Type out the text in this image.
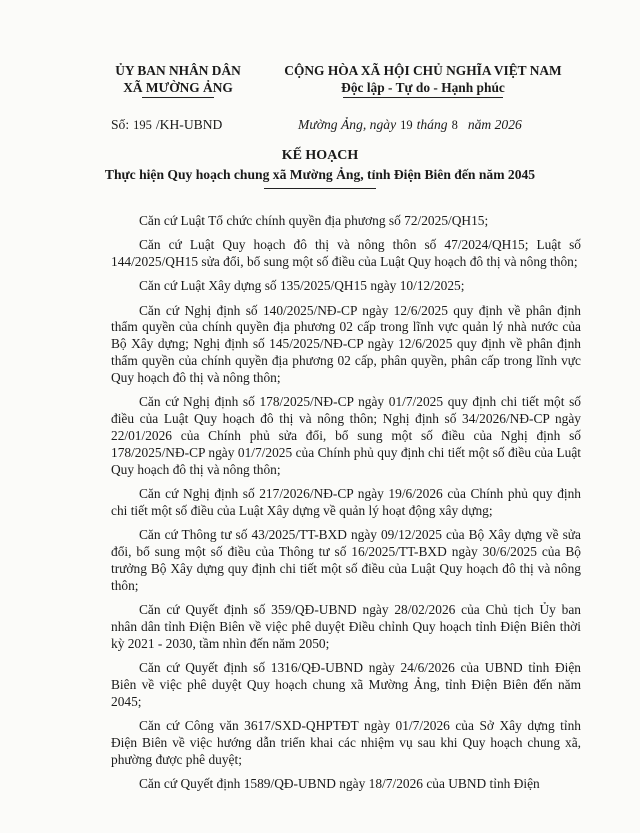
ỦY BAN NHÂN DÂN
XÃ MƯỜNG ẢNG
CỘNG HÒA XÃ HỘI CHỦ NGHĨA VIỆT NAM
Độc lập - Tự do - Hạnh phúc
Số: 195 /KH-UBND	Mường Ảng, ngày 19 tháng 8 năm 2026
KẾ HOẠCH
Thực hiện Quy hoạch chung xã Mường Ảng, tỉnh Điện Biên đến năm 2045

Căn cứ Luật Tổ chức chính quyền địa phương số 72/2025/QH15;

Căn cứ Luật Quy hoạch đô thị và nông thôn số 47/2024/QH15; Luật số 144/2025/QH15 sửa đổi, bổ sung một số điều của Luật Quy hoạch đô thị và nông thôn;

Căn cứ Luật Xây dựng số 135/2025/QH15 ngày 10/12/2025;

Căn cứ Nghị định số 140/2025/NĐ-CP ngày 12/6/2025 quy định về phân định thẩm quyền của chính quyền địa phương 02 cấp trong lĩnh vực quản lý nhà nước của Bộ Xây dựng; Nghị định số 145/2025/NĐ-CP ngày 12/6/2025 quy định về phân định thẩm quyền của chính quyền địa phương 02 cấp, phân quyền, phân cấp trong lĩnh vực Quy hoạch đô thị và nông thôn;

Căn cứ Nghị định số 178/2025/NĐ-CP ngày 01/7/2025 quy định chi tiết một số điều của Luật Quy hoạch đô thị và nông thôn; Nghị định số 34/2026/NĐ-CP ngày 22/01/2026 của Chính phủ sửa đổi, bổ sung một số điều của Nghị định số 178/2025/NĐ-CP ngày 01/7/2025 của Chính phủ quy định chi tiết một số điều của Luật Quy hoạch đô thị và nông thôn;

Căn cứ Nghị định số 217/2026/NĐ-CP ngày 19/6/2026 của Chính phủ quy định chi tiết một số điều của Luật Xây dựng về quản lý hoạt động xây dựng;

Căn cứ Thông tư số 43/2025/TT-BXD ngày 09/12/2025 của Bộ Xây dựng về sửa đổi, bổ sung một số điều của Thông tư số 16/2025/TT-BXD ngày 30/6/2025 của Bộ trưởng Bộ Xây dựng quy định chi tiết một số điều của Luật Quy hoạch đô thị và nông thôn;

Căn cứ Quyết định số 359/QĐ-UBND ngày 28/02/2026 của Chủ tịch Ủy ban nhân dân tỉnh Điện Biên về việc phê duyệt Điều chỉnh Quy hoạch tỉnh Điện Biên thời kỳ 2021 - 2030, tầm nhìn đến năm 2050;

Căn cứ Quyết định số 1316/QĐ-UBND ngày 24/6/2026 của UBND tỉnh Điện Biên về việc phê duyệt Quy hoạch chung xã Mường Ảng, tỉnh Điện Biên đến năm 2045;

Căn cứ Công văn 3617/SXD-QHPTĐT ngày 01/7/2026 của Sở Xây dựng tỉnh Điện Biên về việc hướng dẫn triển khai các nhiệm vụ sau khi Quy hoạch chung xã, phường được phê duyệt;

Căn cứ Quyết định 1589/QĐ-UBND ngày 18/7/2026 của UBND tỉnh Điện
